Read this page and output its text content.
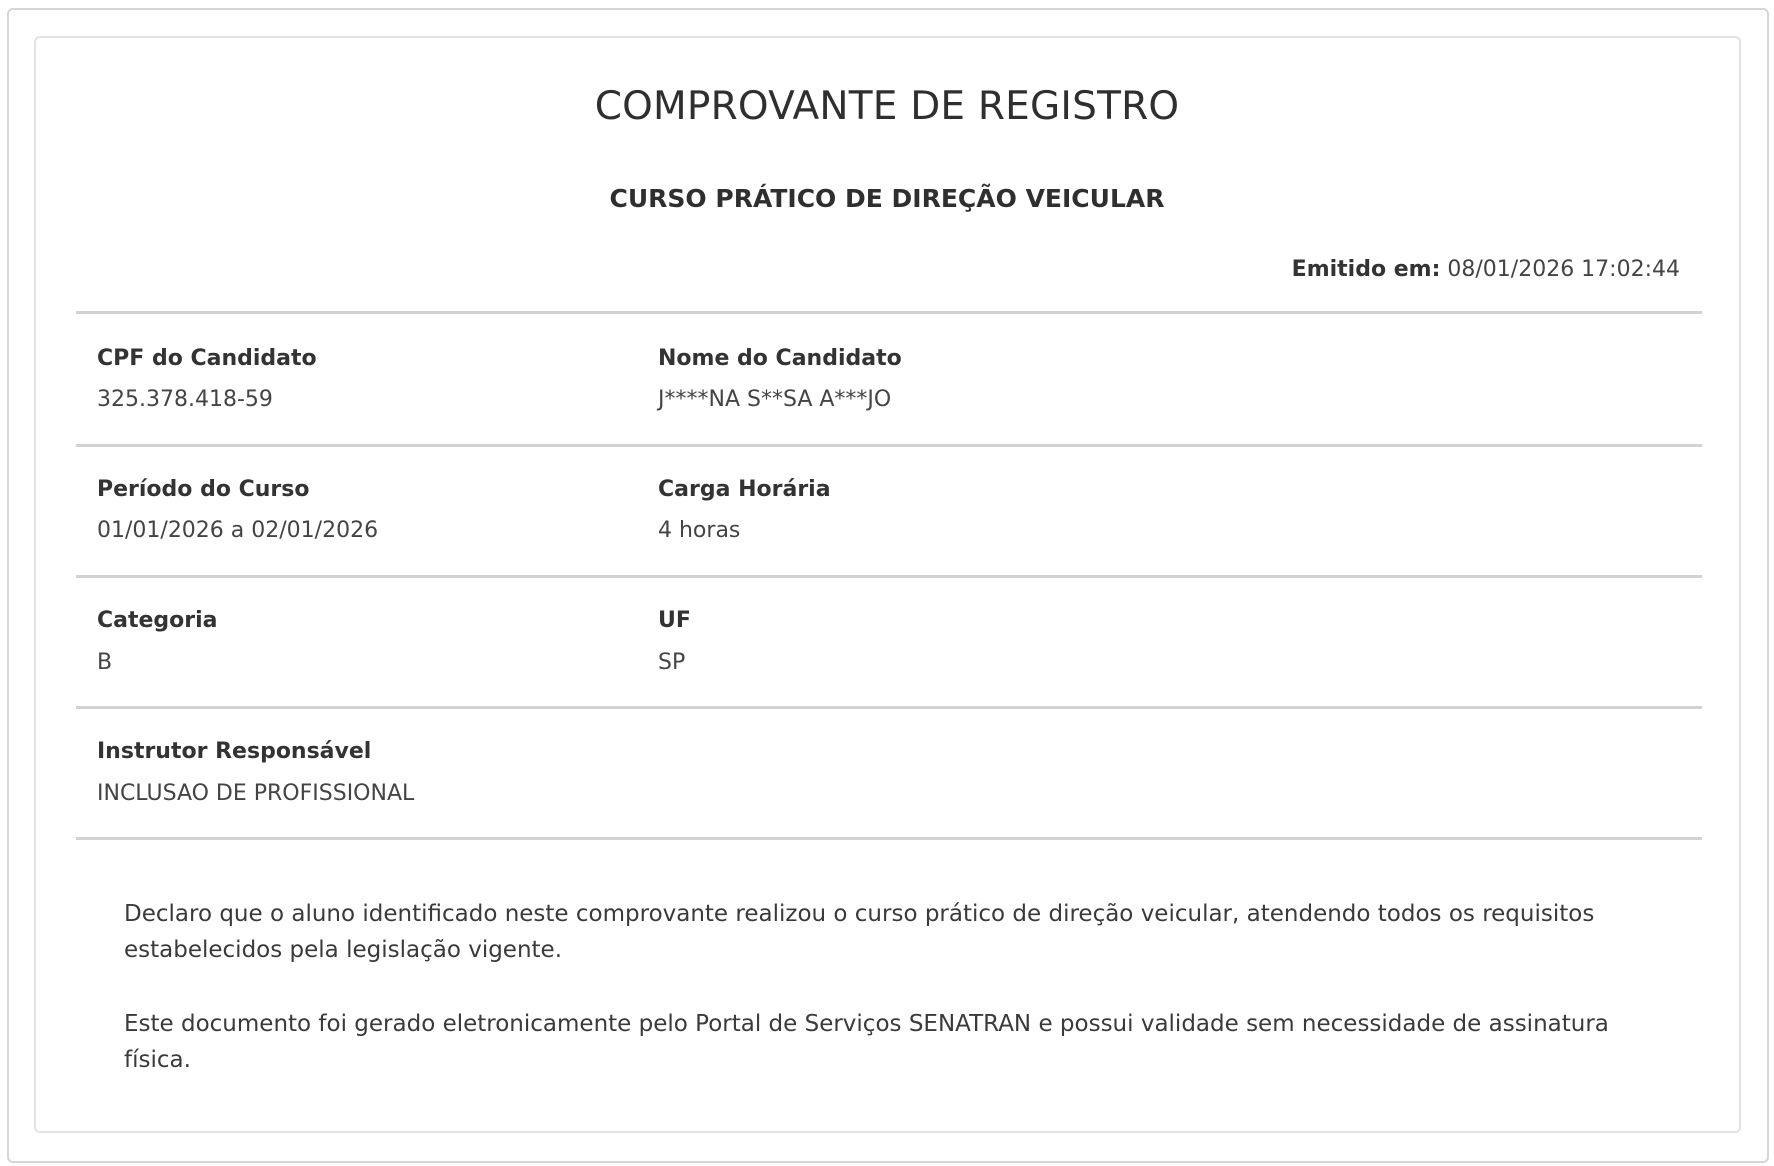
COMPROVANTE DE REGISTRO
CURSO PRÁTICO DE DIREÇÃO VEICULAR
Emitido em: 08/01/2026 17:02:44
CPF do Candidato
325.378.418-59
Nome do Candidato
J****NA S**SA A***JO
Período do Curso
01/01/2026 a 02/01/2026
Carga Horária
4 horas
Categoria
B
UF
SP
Instrutor Responsável
INCLUSAO DE PROFISSIONAL

Declaro que o aluno identificado neste comprovante realizou o curso prático de direção veicular, atendendo todos os requisitos estabelecidos pela legislação vigente.

Este documento foi gerado eletronicamente pelo Portal de Serviços SENATRAN e possui validade sem necessidade de assinatura física.
